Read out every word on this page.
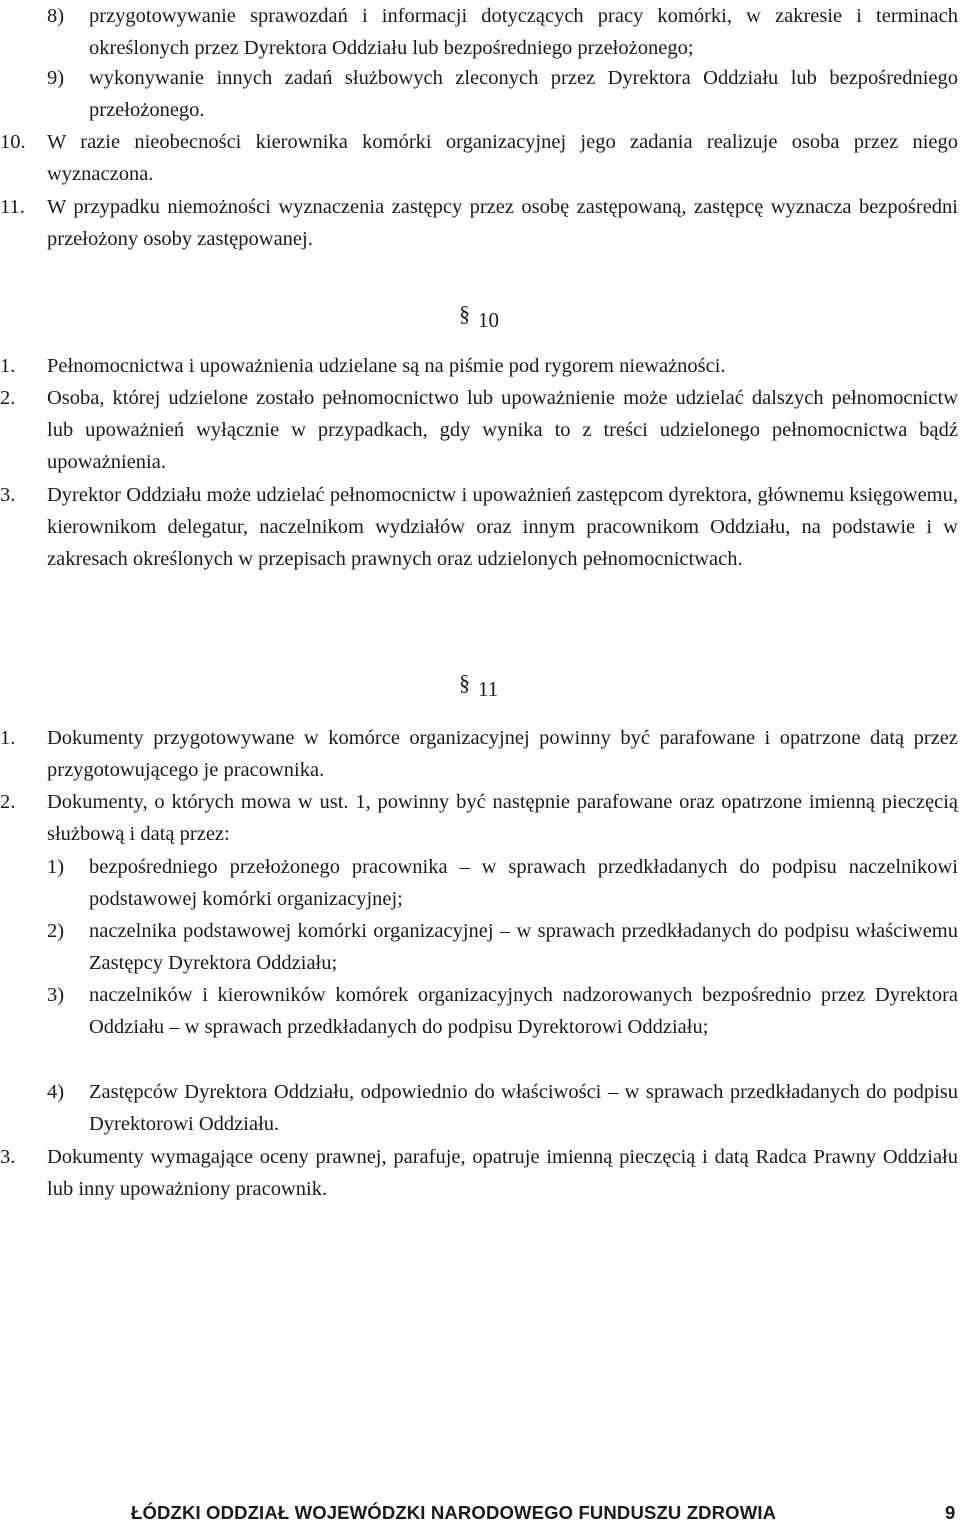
8) przygotowywanie sprawozdań i informacji dotyczących pracy komórki, w zakresie i terminach określonych przez Dyrektora Oddziału lub bezpośredniego przełożonego;
9) wykonywanie innych zadań służbowych zleconych przez Dyrektora Oddziału lub bezpośredniego przełożonego.
10. W razie nieobecności kierownika komórki organizacyjnej jego zadania realizuje osoba przez niego wyznaczona.
11. W przypadku niemożności wyznaczenia zastępcy przez osobę zastępowaną, zastępcę wyznacza bezpośredni przełożony osoby zastępowanej.
§ 10
1. Pełnomocnictwa i upoważnienia udzielane są na piśmie pod rygorem nieważności.
2. Osoba, której udzielone zostało pełnomocnictwo lub upoważnienie może udzielać dalszych pełnomocnictw lub upoważnień wyłącznie w przypadkach, gdy wynika to z treści udzielonego pełnomocnictwa bądź upoważnienia.
3. Dyrektor Oddziału może udzielać pełnomocnictw i upoważnień zastępcom dyrektora, głównemu księgowemu, kierownikom delegatur, naczelnikom wydziałów oraz innym pracownikom Oddziału, na podstawie i w zakresach określonych w przepisach prawnych oraz udzielonych pełnomocnictwach.
§ 11
1. Dokumenty przygotowywane w komórce organizacyjnej powinny być parafowane i opatrzone datą przez przygotowującego je pracownika.
2. Dokumenty, o których mowa w ust. 1, powinny być następnie parafowane oraz opatrzone imienną pieczęcią służbową i datą przez:
1) bezpośredniego przełożonego pracownika – w sprawach przedkładanych do podpisu naczelnikowi podstawowej komórki organizacyjnej;
2) naczelnika podstawowej komórki organizacyjnej – w sprawach przedkładanych do podpisu właściwemu Zastępcy Dyrektora Oddziału;
3) naczelników i kierowników komórek organizacyjnych nadzorowanych bezpośrednio przez Dyrektora Oddziału – w sprawach przedkładanych do podpisu Dyrektorowi Oddziału;
4) Zastępców Dyrektora Oddziału, odpowiednio do właściwości – w sprawach przedkładanych do podpisu Dyrektorowi Oddziału.
3. Dokumenty wymagające oceny prawnej, parafuje, opatruje imienną pieczęcią i datą Radca Prawny Oddziału lub inny upoważniony pracownik.
ŁÓDZKI ODDZIAŁ WOJEWÓDZKI NARODOWEGO FUNDUSZU ZDROWIA	9
